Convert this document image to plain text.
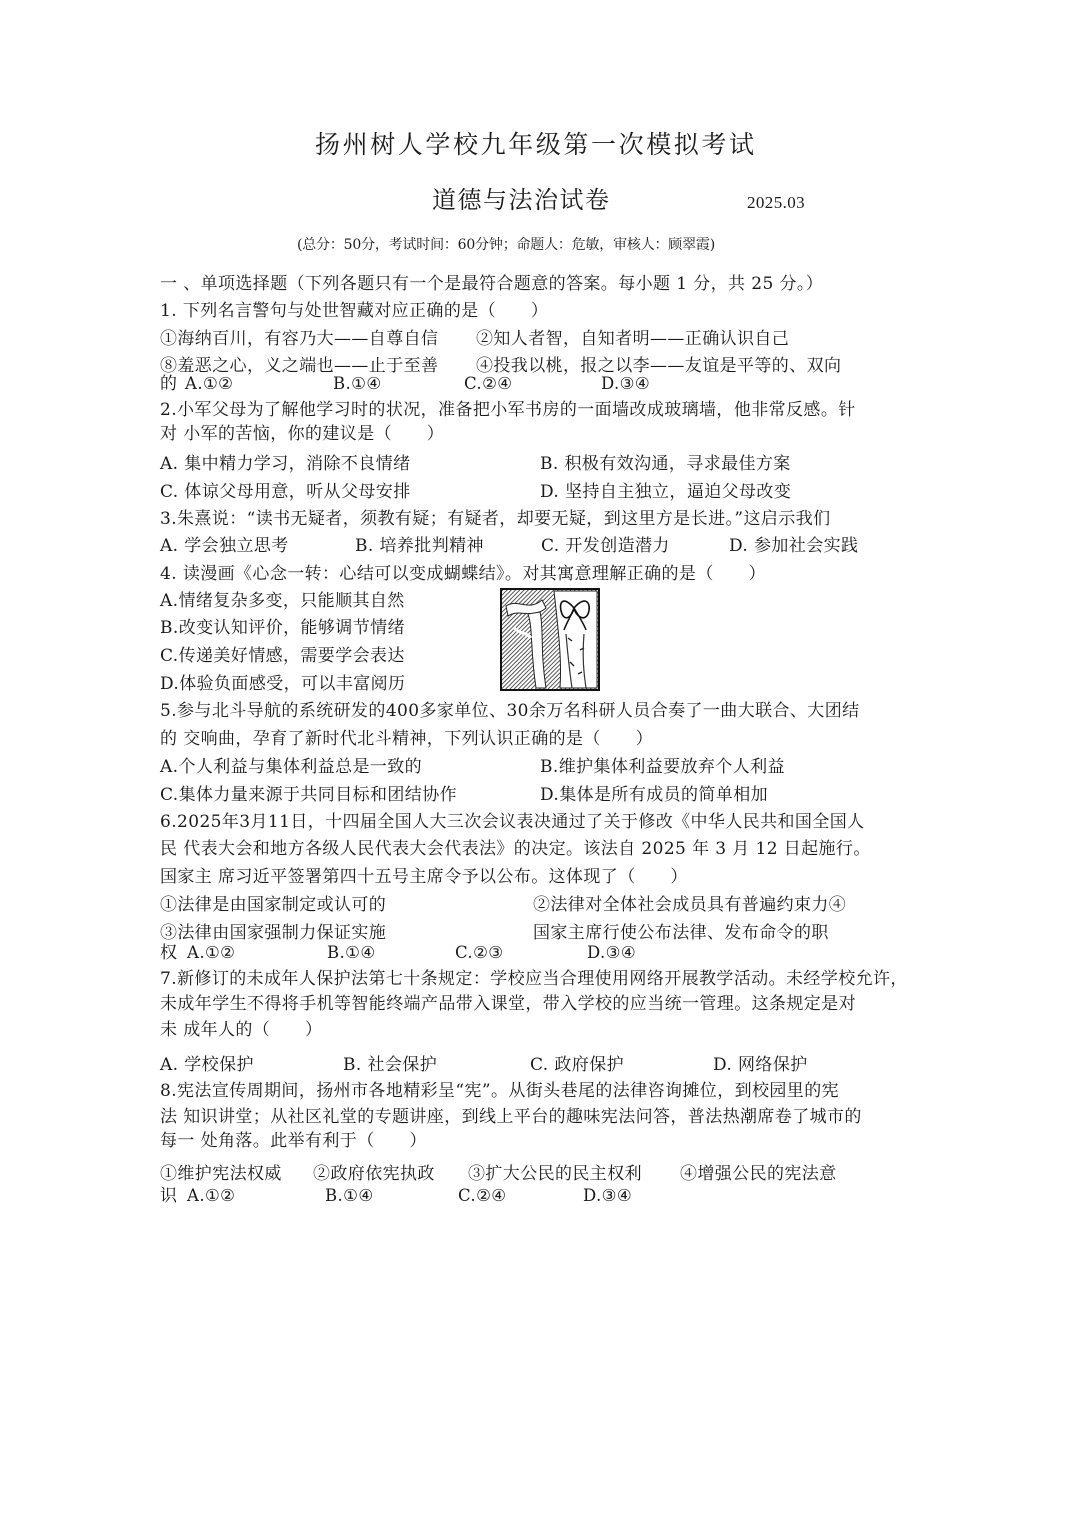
扬州树人学校九年级第一次模拟考试
道德与法治试卷	2025.03
(总分：50分，考试时间：60分钟；命题人：危敏，审核人：顾翠霞)
一 、单项选择题（下列各题只有一个是最符合题意的答案。每小题 1 分，共 25 分。）
1. 下列名言警句与处世智藏对应正确的是（　　）
①海纳百川，有容乃大——自尊自信 ②知人者智，自知者明——正确认识自己
⑧羞恶之心，义之端也——止于至善 ④投我以桃，报之以李——友谊是平等的、双向
的 A.①②	B.①④	C.②④	D.③④
2.小军父母为了解他学习时的状况，准备把小军书房的一面墙改成玻璃墙，他非常反感。针
对 小军的苦恼，你的建议是（　　）
A. 集中精力学习，消除不良情绪	B. 积极有效沟通，寻求最佳方案
C. 体谅父母用意，听从父母安排	D. 坚持自主独立，逼迫父母改变
3.朱熹说：“读书无疑者，须教有疑；有疑者，却要无疑，到这里方是长进。”这启示我们
A. 学会独立思考	B. 培养批判精神	C. 开发创造潜力	D. 参加社会实践
4. 读漫画《心念一转：心结可以变成蝴蝶结》。对其寓意理解正确的是（　　）
A.情绪复杂多变，只能顺其自然
B.改变认知评价，能够调节情绪
C.传递美好情感，需要学会表达
D.体验负面感受，可以丰富阅历
5.参与北斗导航的系统研发的400多家单位、30余万名科研人员合奏了一曲大联合、大团结
的 交响曲，孕育了新时代北斗精神，下列认识正确的是（　　）
A.个人利益与集体利益总是一致的	B.维护集体利益要放弃个人利益
C.集体力量来源于共同目标和团结协作	D.集体是所有成员的简单相加
6.2025年3月11日，十四届全国人大三次会议表决通过了关于修改《中华人民共和国全国人
民 代表大会和地方各级人民代表大会代表法》的决定。该法自 2025 年 3 月 12 日起施行。
国家主 席习近平签署第四十五号主席令予以公布。这体现了（　　）
①法律是由国家制定或认可的	②法律对全体社会成员具有普遍约束力④
③法律由国家强制力保证实施	国家主席行使公布法律、发布命令的职
权 A.①②	B.①④	C.②③	D.③④
7.新修订的未成年人保护法第七十条规定：学校应当合理使用网络开展教学活动。未经学校允许，
未成年学生不得将手机等智能终端产品带入课堂，带入学校的应当统一管理。这条规定是对
未 成年人的（　　）
A. 学校保护	B. 社会保护	C. 政府保护	D. 网络保护
8.宪法宣传周期间，扬州市各地精彩呈“宪”。从街头巷尾的法律咨询摊位，到校园里的宪
法 知识讲堂；从社区礼堂的专题讲座，到线上平台的趣味宪法问答，普法热潮席卷了城市的
每一 处角落。此举有利于（　　）
①维护宪法权威 ②政府依宪执政 ③扩大公民的民主权利 ④增强公民的宪法意
识 A.①②	B.①④	C.②④	D.③④
